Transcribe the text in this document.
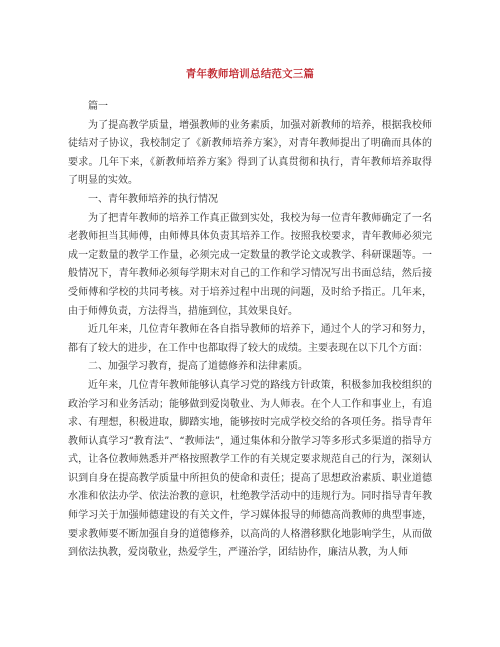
青年教师培训总结范文三篇

篇一

为了提高教学质量，增强教师的业务素质，加强对新教师的培养，根据我校师徒结对子协议，我校制定了《新教师培养方案》，对青年教师提出了明确而具体的要求。几年下来，《新教师培养方案》得到了认真贯彻和执行，青年教师培养取得了明显的实效。

一、青年教师培养的执行情况

为了把青年教师的培养工作真正做到实处，我校为每一位青年教师确定了一名老教师担当其师傅，由师傅具体负责其培养工作。按照我校要求，青年教师必须完成一定数量的教学工作量，必须完成一定数量的教学论文或教学、科研课题等。一般情况下，青年教师必须每学期末对自己的工作和学习情况写出书面总结，然后接受师傅和学校的共同考核。对于培养过程中出现的问题，及时给予指正。几年来，由于师傅负责，方法得当，措施到位，其效果良好。

近几年来，几位青年教师在各自指导教师的培养下，通过个人的学习和努力，都有了较大的进步，在工作中也都取得了较大的成绩。主要表现在以下几个方面：

二、加强学习教育，提高了道德修养和法律素质。

近年来，几位青年教师能够认真学习党的路线方针政策，积极参加我校组织的政治学习和业务活动；能够做到爱岗敬业、为人师表。在个人工作和事业上，有追求、有理想，积极进取，脚踏实地，能够按时完成学校交给的各项任务。指导青年教师认真学习“教育法”、“教师法”，通过集体和分散学习等多形式多渠道的指导方式，让各位教师熟悉并严格按照教学工作的有关规定要求规范自己的行为，深刻认识到自身在提高教学质量中所担负的使命和责任；提高了思想政治素质、职业道德水准和依法办学、依法治教的意识，杜绝教学活动中的违规行为。同时指导青年教师学习关于加强师德建设的有关文件，学习媒体报导的师德高尚教师的典型事迹，要求教师要不断加强自身的道德修养，以高尚的人格潜移默化地影响学生，从而做到依法执教，爱岗敬业，热爱学生，严谨治学，团结协作，廉洁从教，为人师
